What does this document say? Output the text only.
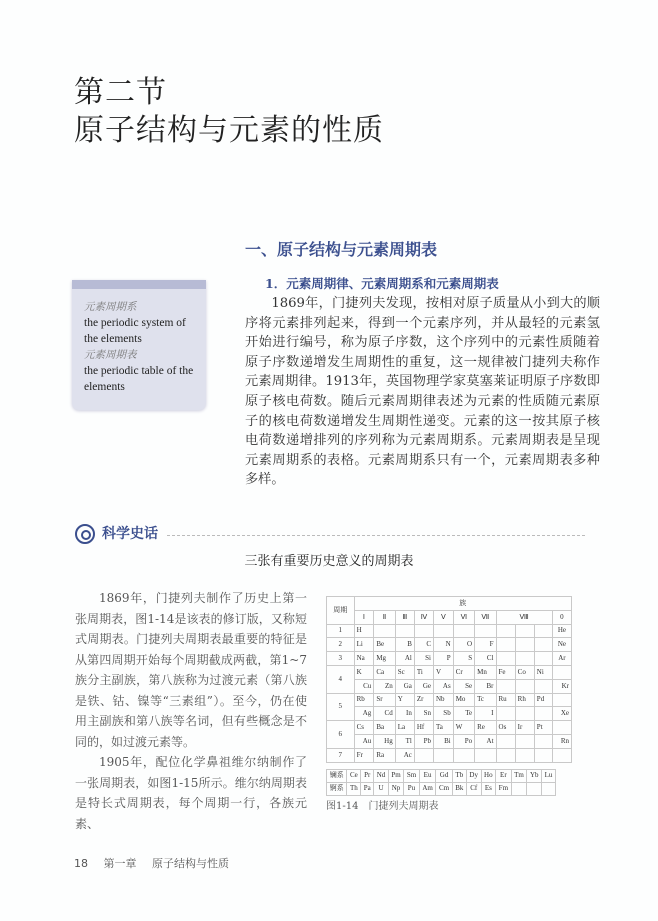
第二节
原子结构与元素的性质
一、原子结构与元素周期表
元素周期系
the periodic system of the elements
元素周期表
the periodic table of the elements
1．元素周期律、元素周期系和元素周期表
1869年，门捷列夫发现，按相对原子质量从小到大的顺序将元素排列起来，得到一个元素序列，并从最轻的元素氢开始进行编号，称为原子序数，这个序列中的元素性质随着原子序数递增发生周期性的重复，这一规律被门捷列夫称作元素周期律。1913年，英国物理学家莫塞莱证明原子序数即原子核电荷数。随后元素周期律表述为元素的性质随元素原子的核电荷数递增发生周期性递变。元素的这一按其原子核电荷数递增排列的序列称为元素周期系。元素周期表是呈现元素周期系的表格。元素周期系只有一个，元素周期表多种多样。
科学史话
三张有重要历史意义的周期表

1869年，门捷列夫制作了历史上第一张周期表，图1-14是该表的修订版，又称短式周期表。门捷列夫周期表最重要的特征是从第四周期开始每个周期截成两截，第1~7族分主副族，第八族称为过渡元素（第八族是铁、钴、镍等“三素组”）。至今，仍在使用主副族和第八族等名词，但有些概念是不同的，如过渡元素等。

1905年，配位化学鼻祖维尔纳制作了一张周期表，如图1-15所示。维尔纳周期表是特长式周期表，每个周期一行，各族元素、

周期	族										
	Ⅰ	Ⅱ	Ⅲ	Ⅳ	Ⅴ	Ⅵ	Ⅶ	Ⅷ			0
1	H										He
2	Li	Be	B	C	N	O	F				Ne
3	Na	Mg	Al	Si	P	S	Cl				Ar
4	K	Ca	Sc	Ti	V	Cr	Mn	Fe	Co	Ni	
	Cu	Zn	Ga	Ge	As	Se	Br				Kr
5	Rb	Sr	Y	Zr	Nb	Mo	Tc	Ru	Rh	Pd	
	Ag	Cd	In	Sn	Sb	Te	I				Xe
6	Cs	Ba	La	Hf	Ta	W	Re	Os	Ir	Pt	
	Au	Hg	Tl	Pb	Bi	Po	At				Rn
7	Fr	Ra	Ac								
镧系	Ce	Pr	Nd	Pm	Sm	Eu	Gd	Tb	Dy	Ho	Er	Tm	Yb	Lu
锕系	Th	Pa	U	Np	Pu	Am	Cm	Bk	Cf	Es	Fm			
图1-14　门捷列夫周期表
18 第一章 原子结构与性质
